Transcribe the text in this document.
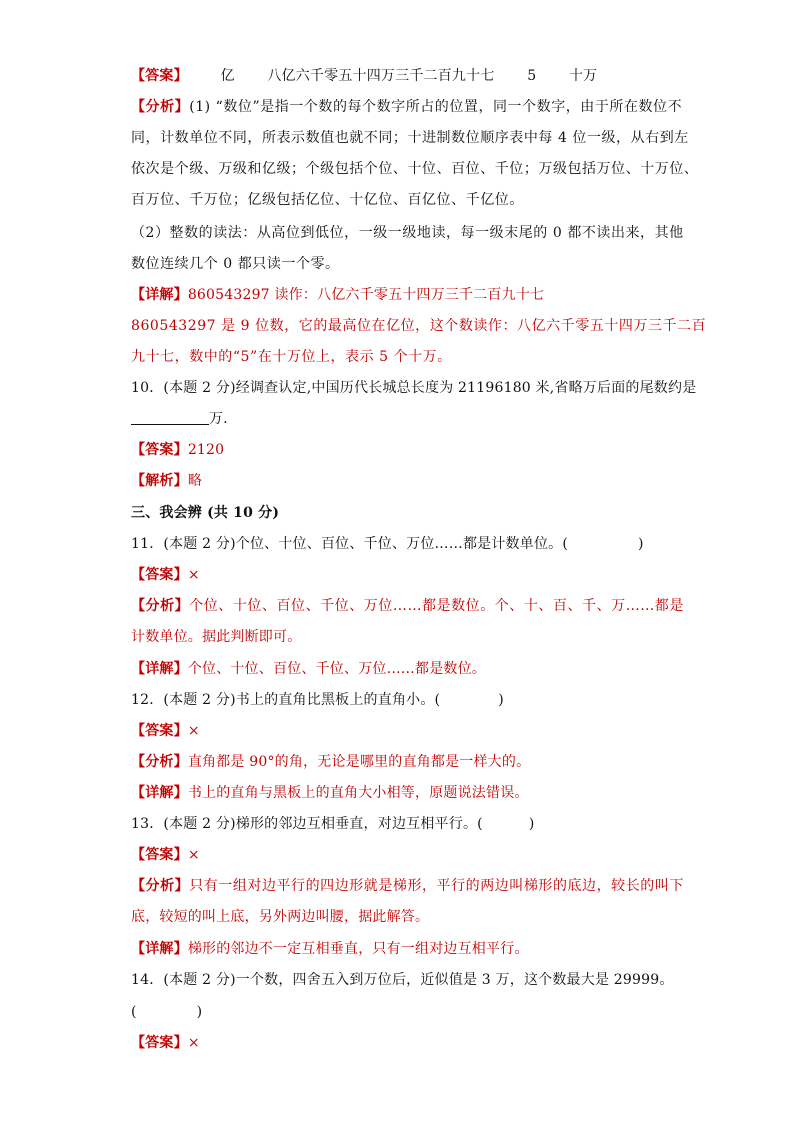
【答案】 亿 八亿六千零五十四万三千二百九十七 5 十万
【分析】(1) “数位”是指一个数的每个数字所占的位置，同一个数字，由于所在数位不
同，计数单位不同，所表示数值也就不同；十进制数位顺序表中每 4 位一级，从右到左
依次是个级、万级和亿级；个级包括个位、十位、百位、千位；万级包括万位、十万位、
百万位、千万位；亿级包括亿位、十亿位、百亿位、千亿位。
（2）整数的读法：从高位到低位，一级一级地读，每一级末尾的 0 都不读出来，其他
数位连续几个 0 都只读一个零。
【详解】860543297 读作：八亿六千零五十四万三千二百九十七
860543297 是 9 位数，它的最高位在亿位，这个数读作：八亿六千零五十四万三千二百
九十七，数中的“5”在十万位上，表示 5 个十万。
10．(本题 2 分)经调查认定,中国历代长城总长度为 21196180 米,省略万后面的尾数约是
万．
【答案】2120
【解析】略
三、我会辨 (共 10 分)
11．(本题 2 分)个位、十位、百位、千位、万位……都是计数单位。(	)
【答案】×
【分析】个位、十位、百位、千位、万位……都是数位。个、十、百、千、万……都是
计数单位。据此判断即可。
【详解】个位、十位、百位、千位、万位……都是数位。
12．(本题 2 分)书上的直角比黑板上的直角小。(	)
【答案】×
【分析】直角都是 90°的角，无论是哪里的直角都是一样大的。
【详解】书上的直角与黑板上的直角大小相等，原题说法错误。
13．(本题 2 分)梯形的邻边互相垂直，对边互相平行。(	)
【答案】×
【分析】只有一组对边平行的四边形就是梯形，平行的两边叫梯形的底边，较长的叫下
底，较短的叫上底，另外两边叫腰，据此解答。
【详解】梯形的邻边不一定互相垂直，只有一组对边互相平行。
14．(本题 2 分)一个数，四舍五入到万位后，近似值是 3 万，这个数最大是 29999。
(	)
【答案】×
